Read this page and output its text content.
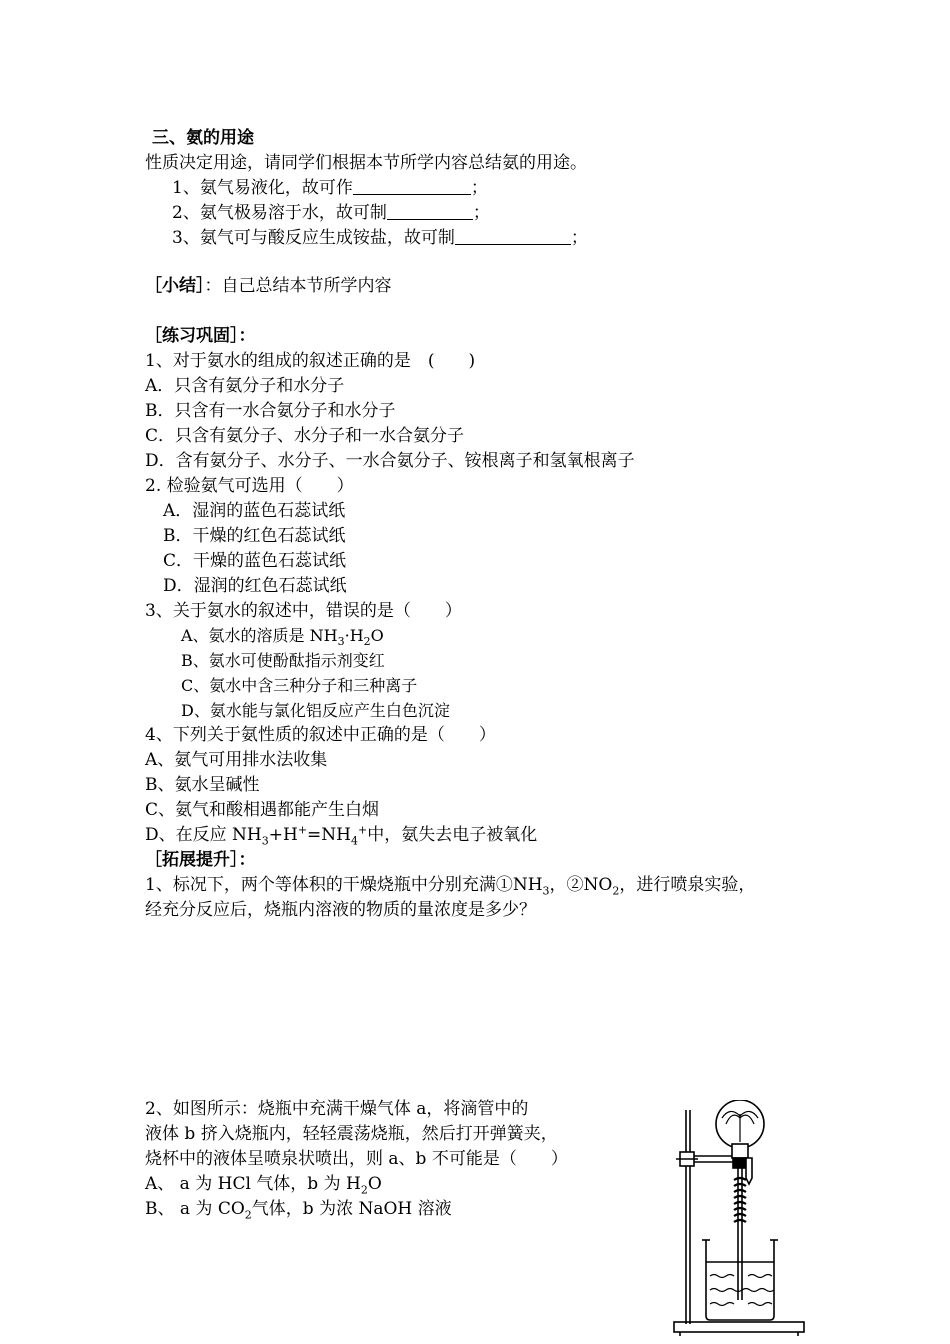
三、氨的用途
性质决定用途，请同学们根据本节所学内容总结氨的用途。
1、氨气易液化，故可作	；
2、氨气极易溶于水，故可制	；
3、氨气可与酸反应生成铵盐，故可制	；
［小结］：自己总结本节所学内容
［练习巩固］：
1、对于氨水的组成的叙述正确的是　(　　)
A．只含有氨分子和水分子
B．只含有一水合氨分子和水分子
C．只含有氨分子、水分子和一水合氨分子
D．含有氨分子、水分子、一水合氨分子、铵根离子和氢氧根离子
2. 检验氨气可选用（　　）
A．湿润的蓝色石蕊试纸
B．干燥的红色石蕊试纸
C．干燥的蓝色石蕊试纸
D．湿润的红色石蕊试纸
3、关于氨水的叙述中，错误的是（　　）
A、氨水的溶质是 $NH_3\cdot H_2O$
B、氨水可使酚酞指示剂变红
C、氨水中含三种分子和三种离子
D、氨水能与氯化铝反应产生白色沉淀
4、下列关于氨性质的叙述中正确的是（　　）
A、氨气可用排水法收集
B、氨水呈碱性
C、氨气和酸相遇都能产生白烟
D、在反应 $NH_3+H^+=NH_4^+$中，氨失去电子被氧化
［拓展提升］：
1、标况下，两个等体积的干燥烧瓶中分别充满$①NH_3$，$②NO_2$，进行喷泉实验，
经充分反应后，烧瓶内溶液的物质的量浓度是多少？
2、如图所示：烧瓶中充满干燥气体 a，将滴管中的
液体 b 挤入烧瓶内，轻轻震荡烧瓶，然后打开弹簧夹，
烧杯中的液体呈喷泉状喷出，则 a、b 不可能是（　　）
A、 a 为 HCl 气体，b 为 $H_2O$
B、 a 为 $CO_2$气体，b 为浓 NaOH 溶液
